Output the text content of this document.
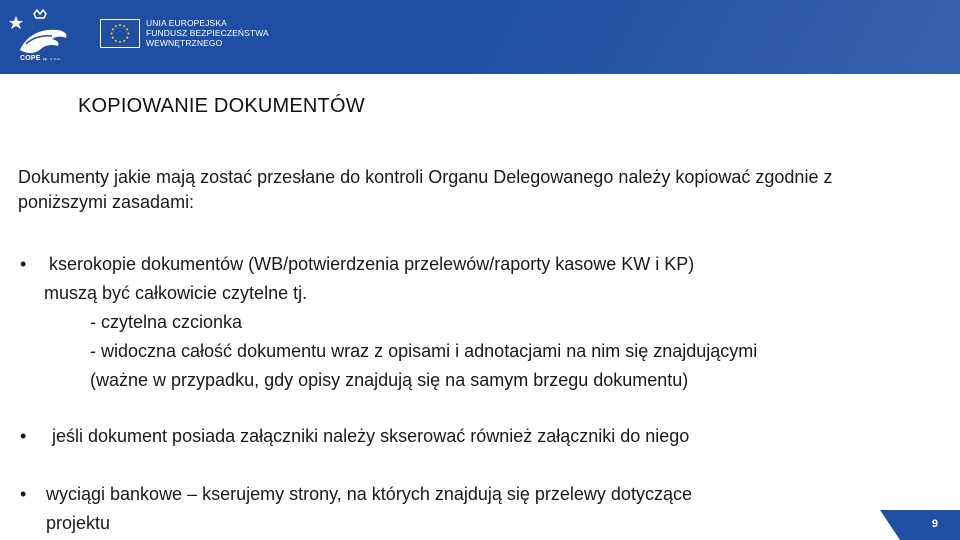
COPE sp. z o.o.
UNIA EUROPEJSKA
FUNDUSZ BEZPIECZEŃSTWA
WEWNĘTRZNEGO
KOPIOWANIE DOKUMENTÓW
Dokumenty jakie mają zostać przesłane do kontroli Organu Delegowanego należy kopiować zgodnie z poniższymi zasadami:
• kserokopie dokumentów (WB/potwierdzenia przelewów/raporty kasowe KW i KP)
muszą być całkowicie czytelne tj.
- czytelna czcionka
- widoczna całość dokumentu wraz z opisami i adnotacjami na nim się znajdującymi
(ważne w przypadku, gdy opisy znajdują się na samym brzegu dokumentu)
• jeśli dokument posiada załączniki należy skserować również załączniki do niego
• wyciągi bankowe – kserujemy strony, na których znajdują się przelewy dotyczące
projektu	9
